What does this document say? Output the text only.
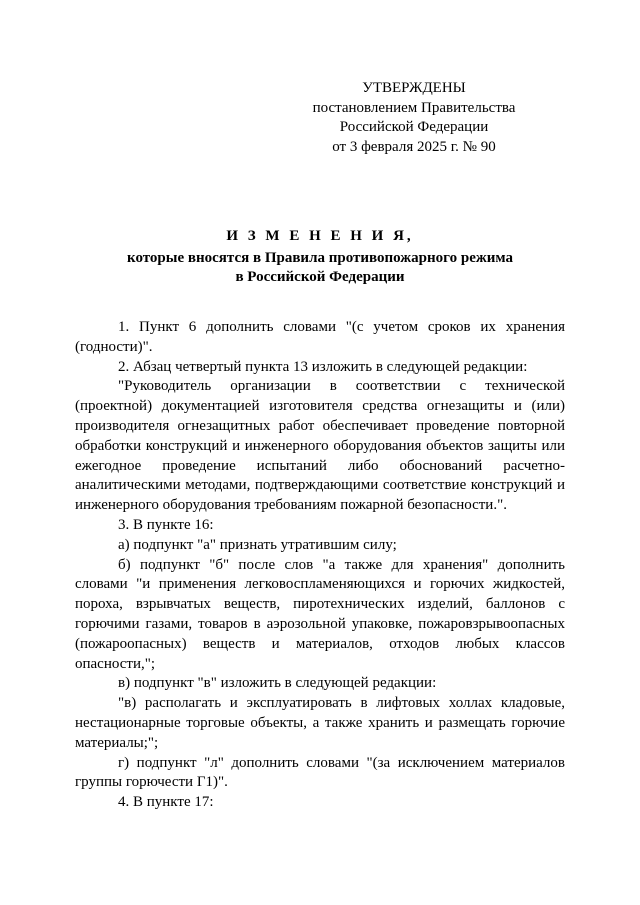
УТВЕРЖДЕНЫ
постановлением Правительства
Российской Федерации
от 3 февраля 2025 г. № 90
И З М Е Н Е Н И Я,
которые вносятся в Правила противопожарного режима
в Российской Федерации

1. Пункт 6 дополнить словами "(с учетом сроков их хранения (годности)".

2. Абзац четвертый пункта 13 изложить в следующей редакции:

"Руководитель организации в соответствии с технической (проектной) документацией изготовителя средства огнезащиты и (или) производителя огнезащитных работ обеспечивает проведение повторной обработки конструкций и инженерного оборудования объектов защиты или ежегодное проведение испытаний либо обоснований расчетно-аналитическими методами, подтверждающими соответствие конструкций и инженерного оборудования требованиям пожарной безопасности.".

3. В пункте 16:

а) подпункт "а" признать утратившим силу;

б) подпункт "б" после слов "а также для хранения" дополнить словами "и применения легковоспламеняющихся и горючих жидкостей, пороха, взрывчатых веществ, пиротехнических изделий, баллонов с горючими газами, товаров в аэрозольной упаковке, пожаровзрывоопасных (пожароопасных) веществ и материалов, отходов любых классов опасности,";

в) подпункт "в" изложить в следующей редакции:

"в) располагать и эксплуатировать в лифтовых холлах кладовые, нестационарные торговые объекты, а также хранить и размещать горючие материалы;";

г) подпункт "л" дополнить словами "(за исключением материалов группы горючести Г1)".

4. В пункте 17:
